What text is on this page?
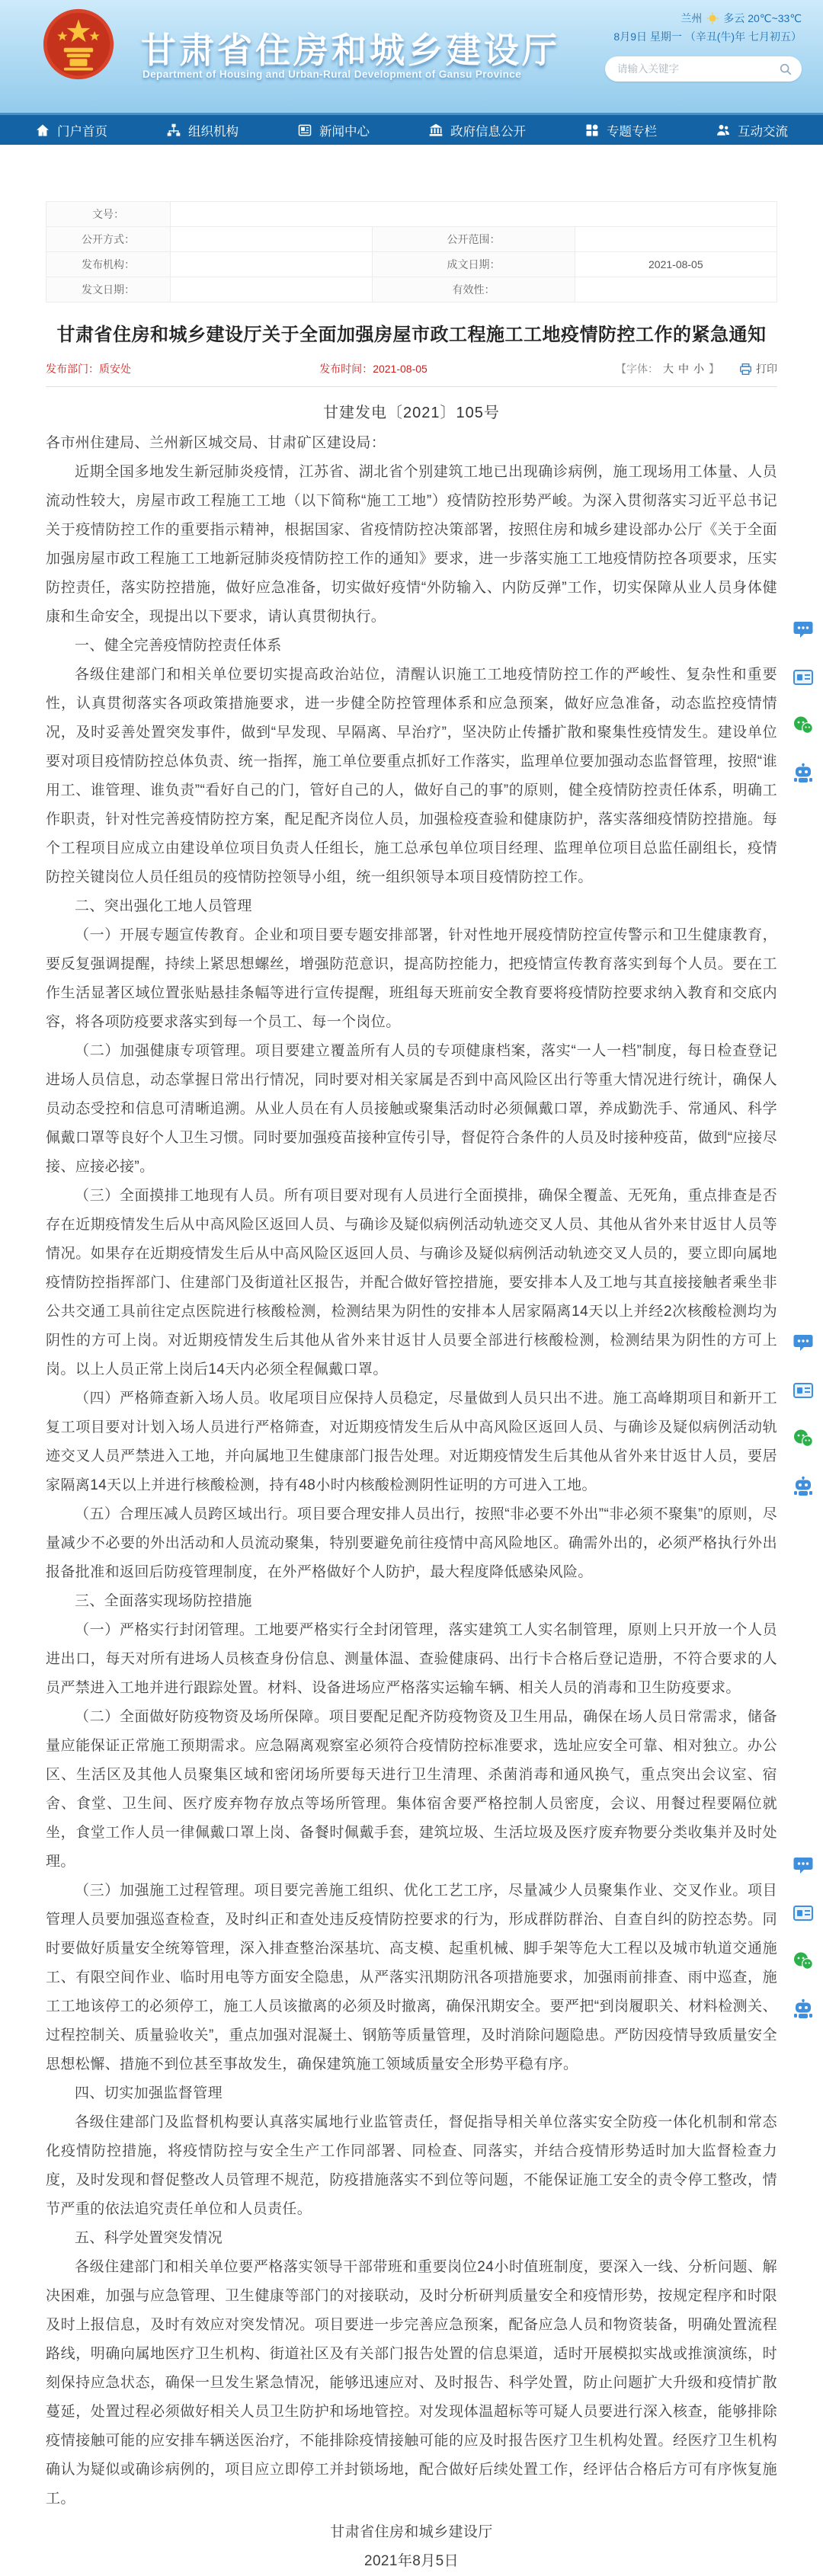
甘肃省住房和城乡建设厅
Department of Housing and Urban-Rural Development of Gansu Province
兰州 多云 20℃~33℃
8月9日 星期一 （辛丑(牛)年 七月初五）
请输入关键字
门户首页	组织机构	新闻中心	政府信息公开	专题专栏	互动交流
文号：			
公开方式：		公开范围：	
发布机构：		成文日期：	2021-08-05
发文日期：		有效性：	
甘肃省住房和城乡建设厅关于全面加强房屋市政工程施工工地疫情防控工作的紧急通知
发布部门：质安处	发布时间：2021-08-05	【字体： 大 中 小 】	打印
甘建发电〔2021〕105号

各市州住建局、兰州新区城交局、甘肃矿区建设局：

近期全国多地发生新冠肺炎疫情，江苏省、湖北省个别建筑工地已出现确诊病例，施工现场用工体量、人员流动性较大，房屋市政工程施工工地（以下简称“施工工地”）疫情防控形势严峻。为深入贯彻落实习近平总书记关于疫情防控工作的重要指示精神，根据国家、省疫情防控决策部署，按照住房和城乡建设部办公厅《关于全面加强房屋市政工程施工工地新冠肺炎疫情防控工作的通知》要求，进一步落实施工工地疫情防控各项要求，压实防控责任，落实防控措施，做好应急准备，切实做好疫情“外防输入、内防反弹”工作，切实保障从业人员身体健康和生命安全，现提出以下要求，请认真贯彻执行。

一、健全完善疫情防控责任体系

各级住建部门和相关单位要切实提高政治站位，清醒认识施工工地疫情防控工作的严峻性、复杂性和重要性，认真贯彻落实各项政策措施要求，进一步健全防控管理体系和应急预案，做好应急准备，动态监控疫情情况，及时妥善处置突发事件，做到“早发现、早隔离、早治疗”，坚决防止传播扩散和聚集性疫情发生。建设单位要对项目疫情防控总体负责、统一指挥，施工单位要重点抓好工作落实，监理单位要加强动态监督管理，按照“谁用工、谁管理、谁负责”“看好自己的门，管好自己的人，做好自己的事”的原则，健全疫情防控责任体系，明确工作职责，针对性完善疫情防控方案，配足配齐岗位人员，加强检疫查验和健康防护，落实落细疫情防控措施。每个工程项目应成立由建设单位项目负责人任组长，施工总承包单位项目经理、监理单位项目总监任副组长，疫情防控关键岗位人员任组员的疫情防控领导小组，统一组织领导本项目疫情防控工作。

二、突出强化工地人员管理

（一）开展专题宣传教育。企业和项目要专题安排部署，针对性地开展疫情防控宣传警示和卫生健康教育，要反复强调提醒，持续上紧思想螺丝，增强防范意识，提高防控能力，把疫情宣传教育落实到每个人员。要在工作生活显著区域位置张贴悬挂条幅等进行宣传提醒，班组每天班前安全教育要将疫情防控要求纳入教育和交底内容，将各项防疫要求落实到每一个员工、每一个岗位。

（二）加强健康专项管理。项目要建立覆盖所有人员的专项健康档案，落实“一人一档”制度，每日检查登记进场人员信息，动态掌握日常出行情况，同时要对相关家属是否到中高风险区出行等重大情况进行统计，确保人员动态受控和信息可清晰追溯。从业人员在有人员接触或聚集活动时必须佩戴口罩，养成勤洗手、常通风、科学佩戴口罩等良好个人卫生习惯。同时要加强疫苗接种宣传引导，督促符合条件的人员及时接种疫苗，做到“应接尽接、应接必接”。

（三）全面摸排工地现有人员。所有项目要对现有人员进行全面摸排，确保全覆盖、无死角，重点排查是否存在近期疫情发生后从中高风险区返回人员、与确诊及疑似病例活动轨迹交叉人员、其他从省外来甘返甘人员等情况。如果存在近期疫情发生后从中高风险区返回人员、与确诊及疑似病例活动轨迹交叉人员的，要立即向属地疫情防控指挥部门、住建部门及街道社区报告，并配合做好管控措施，要安排本人及工地与其直接接触者乘坐非公共交通工具前往定点医院进行核酸检测，检测结果为阴性的安排本人居家隔离14天以上并经2次核酸检测均为阴性的方可上岗。对近期疫情发生后其他从省外来甘返甘人员要全部进行核酸检测，检测结果为阴性的方可上岗。以上人员正常上岗后14天内必须全程佩戴口罩。

（四）严格筛查新入场人员。收尾项目应保持人员稳定，尽量做到人员只出不进。施工高峰期项目和新开工复工项目要对计划入场人员进行严格筛查，对近期疫情发生后从中高风险区返回人员、与确诊及疑似病例活动轨迹交叉人员严禁进入工地，并向属地卫生健康部门报告处理。对近期疫情发生后其他从省外来甘返甘人员，要居家隔离14天以上并进行核酸检测，持有48小时内核酸检测阴性证明的方可进入工地。

（五）合理压减人员跨区域出行。项目要合理安排人员出行，按照“非必要不外出”“非必须不聚集”的原则，尽量减少不必要的外出活动和人员流动聚集，特别要避免前往疫情中高风险地区。确需外出的，必须严格执行外出报备批准和返回后防疫管理制度，在外严格做好个人防护，最大程度降低感染风险。

三、全面落实现场防控措施

（一）严格实行封闭管理。工地要严格实行全封闭管理，落实建筑工人实名制管理，原则上只开放一个人员进出口，每天对所有进场人员核查身份信息、测量体温、查验健康码、出行卡合格后登记造册，不符合要求的人员严禁进入工地并进行跟踪处置。材料、设备进场应严格落实运输车辆、相关人员的消毒和卫生防疫要求。

（二）全面做好防疫物资及场所保障。项目要配足配齐防疫物资及卫生用品，确保在场人员日常需求，储备量应能保证正常施工预期需求。应急隔离观察室必须符合疫情防控标准要求，选址应安全可靠、相对独立。办公区、生活区及其他人员聚集区域和密闭场所要每天进行卫生清理、杀菌消毒和通风换气，重点突出会议室、宿舍、食堂、卫生间、医疗废弃物存放点等场所管理。集体宿舍要严格控制人员密度，会议、用餐过程要隔位就坐，食堂工作人员一律佩戴口罩上岗、备餐时佩戴手套，建筑垃圾、生活垃圾及医疗废弃物要分类收集并及时处理。

（三）加强施工过程管理。项目要完善施工组织、优化工艺工序，尽量减少人员聚集作业、交叉作业。项目管理人员要加强巡查检查，及时纠正和查处违反疫情防控要求的行为，形成群防群治、自查自纠的防控态势。同时要做好质量安全统筹管理，深入排查整治深基坑、高支模、起重机械、脚手架等危大工程以及城市轨道交通施工、有限空间作业、临时用电等方面安全隐患，从严落实汛期防汛各项措施要求，加强雨前排查、雨中巡查，施工工地该停工的必须停工，施工人员该撤离的必须及时撤离，确保汛期安全。要严把“到岗履职关、材料检测关、过程控制关、质量验收关”，重点加强对混凝土、钢筋等质量管理，及时消除问题隐患。严防因疫情导致质量安全思想松懈、措施不到位甚至事故发生，确保建筑施工领域质量安全形势平稳有序。

四、切实加强监督管理

各级住建部门及监督机构要认真落实属地行业监管责任，督促指导相关单位落实安全防疫一体化机制和常态化疫情防控措施，将疫情防控与安全生产工作同部署、同检查、同落实，并结合疫情形势适时加大监督检查力度，及时发现和督促整改人员管理不规范，防疫措施落实不到位等问题，不能保证施工安全的责令停工整改，情节严重的依法追究责任单位和人员责任。

五、科学处置突发情况

各级住建部门和相关单位要严格落实领导干部带班和重要岗位24小时值班制度，要深入一线、分析问题、解决困难，加强与应急管理、卫生健康等部门的对接联动，及时分析研判质量安全和疫情形势，按规定程序和时限及时上报信息，及时有效应对突发情况。项目要进一步完善应急预案，配备应急人员和物资装备，明确处置流程路线，明确向属地医疗卫生机构、街道社区及有关部门报告处置的信息渠道，适时开展模拟实战或推演演练，时刻保持应急状态，确保一旦发生紧急情况，能够迅速应对、及时报告、科学处置，防止问题扩大升级和疫情扩散蔓延，处置过程必须做好相关人员卫生防护和场地管控。对发现体温超标等可疑人员要进行深入核查，能够排除疫情接触可能的应安排车辆送医治疗，不能排除疫情接触可能的应及时报告医疗卫生机构处置。经医疗卫生机构确认为疑似或确诊病例的，项目应立即停工并封锁场地，配合做好后续处置工作，经评估合格后方可有序恢复施工。

甘肃省住房和城乡建设厅

2021年8月5日
